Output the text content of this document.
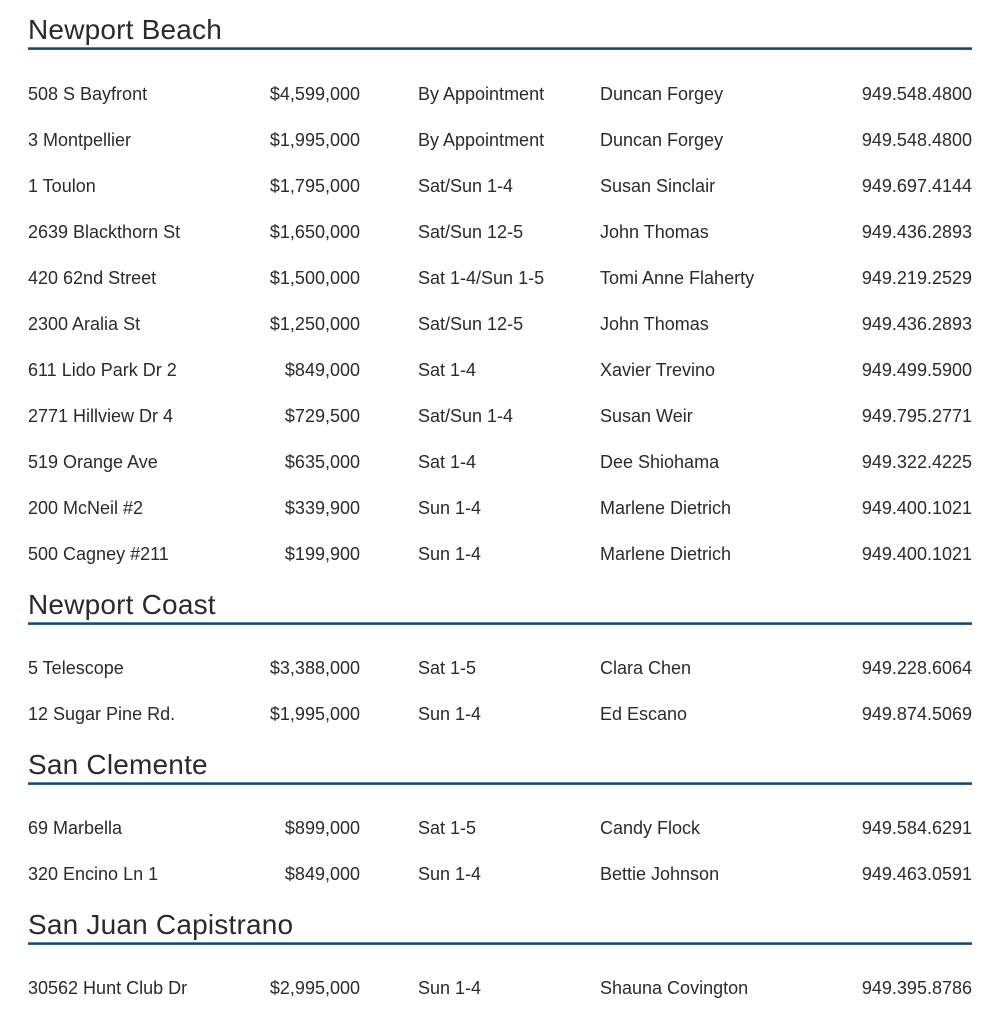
Newport Beach
508 S Bayfront	$4,599,000	By Appointment	Duncan Forgey	949.548.4800
3 Montpellier	$1,995,000	By Appointment	Duncan Forgey	949.548.4800
1 Toulon	$1,795,000	Sat/Sun 1-4	Susan Sinclair	949.697.4144
2639 Blackthorn St	$1,650,000	Sat/Sun 12-5	John Thomas	949.436.2893
420 62nd Street	$1,500,000	Sat 1-4/Sun 1-5	Tomi Anne Flaherty	949.219.2529
2300 Aralia St	$1,250,000	Sat/Sun 12-5	John Thomas	949.436.2893
611 Lido Park Dr 2	$849,000	Sat 1-4	Xavier Trevino	949.499.5900
2771 Hillview Dr 4	$729,500	Sat/Sun 1-4	Susan Weir	949.795.2771
519 Orange Ave	$635,000	Sat 1-4	Dee Shiohama	949.322.4225
200 McNeil #2	$339,900	Sun 1-4	Marlene Dietrich	949.400.1021
500 Cagney #211	$199,900	Sun 1-4	Marlene Dietrich	949.400.1021
Newport Coast
5 Telescope	$3,388,000	Sat 1-5	Clara Chen	949.228.6064
12 Sugar Pine Rd.	$1,995,000	Sun 1-4	Ed Escano	949.874.5069
San Clemente
69 Marbella	$899,000	Sat 1-5	Candy Flock	949.584.6291
320 Encino Ln 1	$849,000	Sun 1-4	Bettie Johnson	949.463.0591
San Juan Capistrano
30562 Hunt Club Dr	$2,995,000	Sun 1-4	Shauna Covington	949.395.8786
